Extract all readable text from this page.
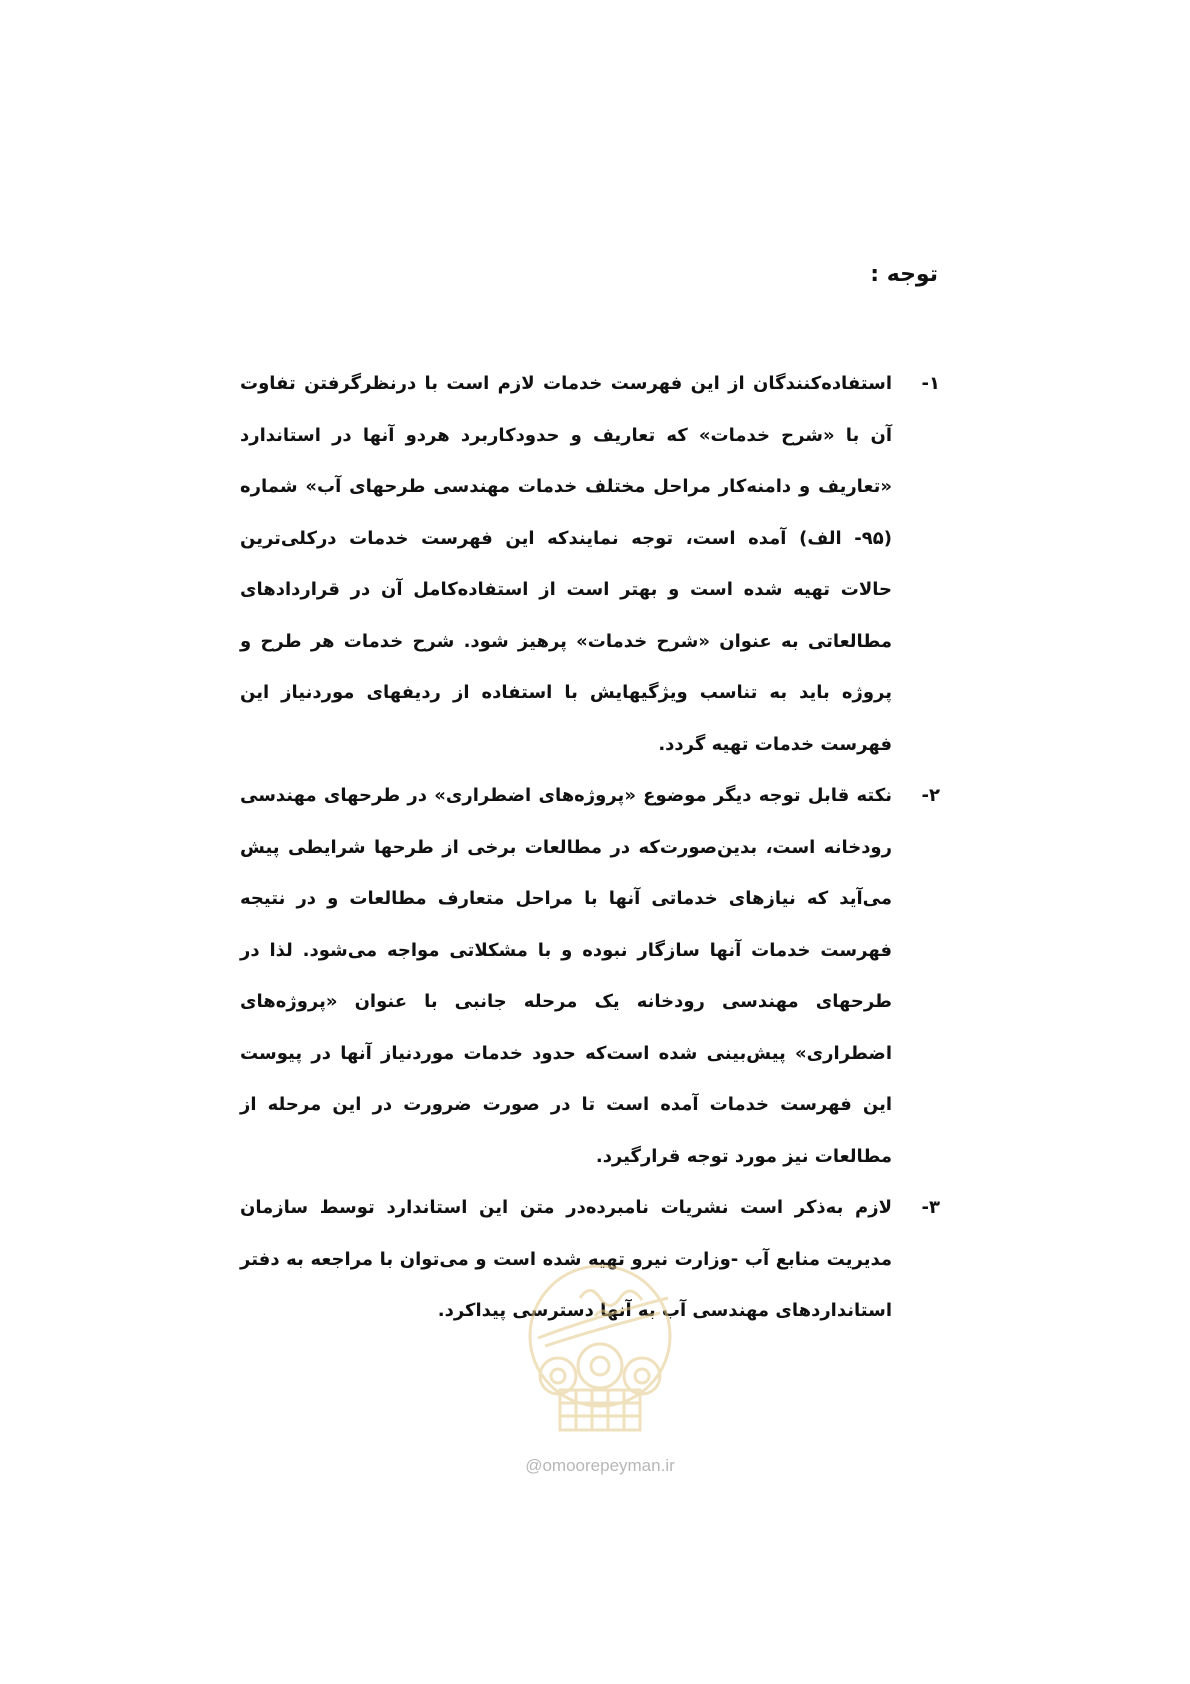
توجه :
۱-
استفاده‌کنندگان از این فهرست خدمات لازم است با درنظرگرفتن تفاوت آن با «شرح خدمات» که تعاریف و حدودکاربرد هردو آنها در استاندارد «تعاریف و دامنه‌کار مراحل مختلف خدمات مهندسی طرحهای آب» شماره (۹۵- الف) آمده است، توجه نمایندکه این فهرست خدمات درکلی‌ترین حالات تهیه شده است و بهتر است از استفاده‌کامل آن در قراردادهای مطالعاتی به عنوان «شرح خدمات» پرهیز شود. شرح خدمات هر طرح و پروژه باید به تناسب ویژگیهایش با استفاده از ردیفهای موردنیاز این فهرست خدمات تهیه گردد.
۲-
نکته قابل توجه دیگر موضوع «پروژه‌های اضطراری» در طرحهای مهندسی رودخانه است، بدین‌صورت‌که در مطالعات برخی از طرحها شرایطی پیش می‌آید که نیازهای خدماتی آنها با مراحل متعارف مطالعات و در نتیجه فهرست خدمات آنها سازگار نبوده و با مشکلاتی مواجه می‌شود. لذا در طرحهای مهندسی رودخانه یک مرحله جانبی با عنوان «پروژه‌های اضطراری» پیش‌بینی شده است‌که حدود خدمات موردنیاز آنها در پیوست این فهرست خدمات آمده است تا در صورت ضرورت در این مرحله از مطالعات نیز مورد توجه قرارگیرد.
۳-
لازم به‌ذکر است نشریات نامبرده‌در متن این استاندارد توسط سازمان مدیریت منابع آب -وزارت نیرو تهیه شده است و می‌توان با مراجعه به دفتر استانداردهای مهندسی آب به آنها دسترسی پیداکرد.
@omoorepeyman.ir
